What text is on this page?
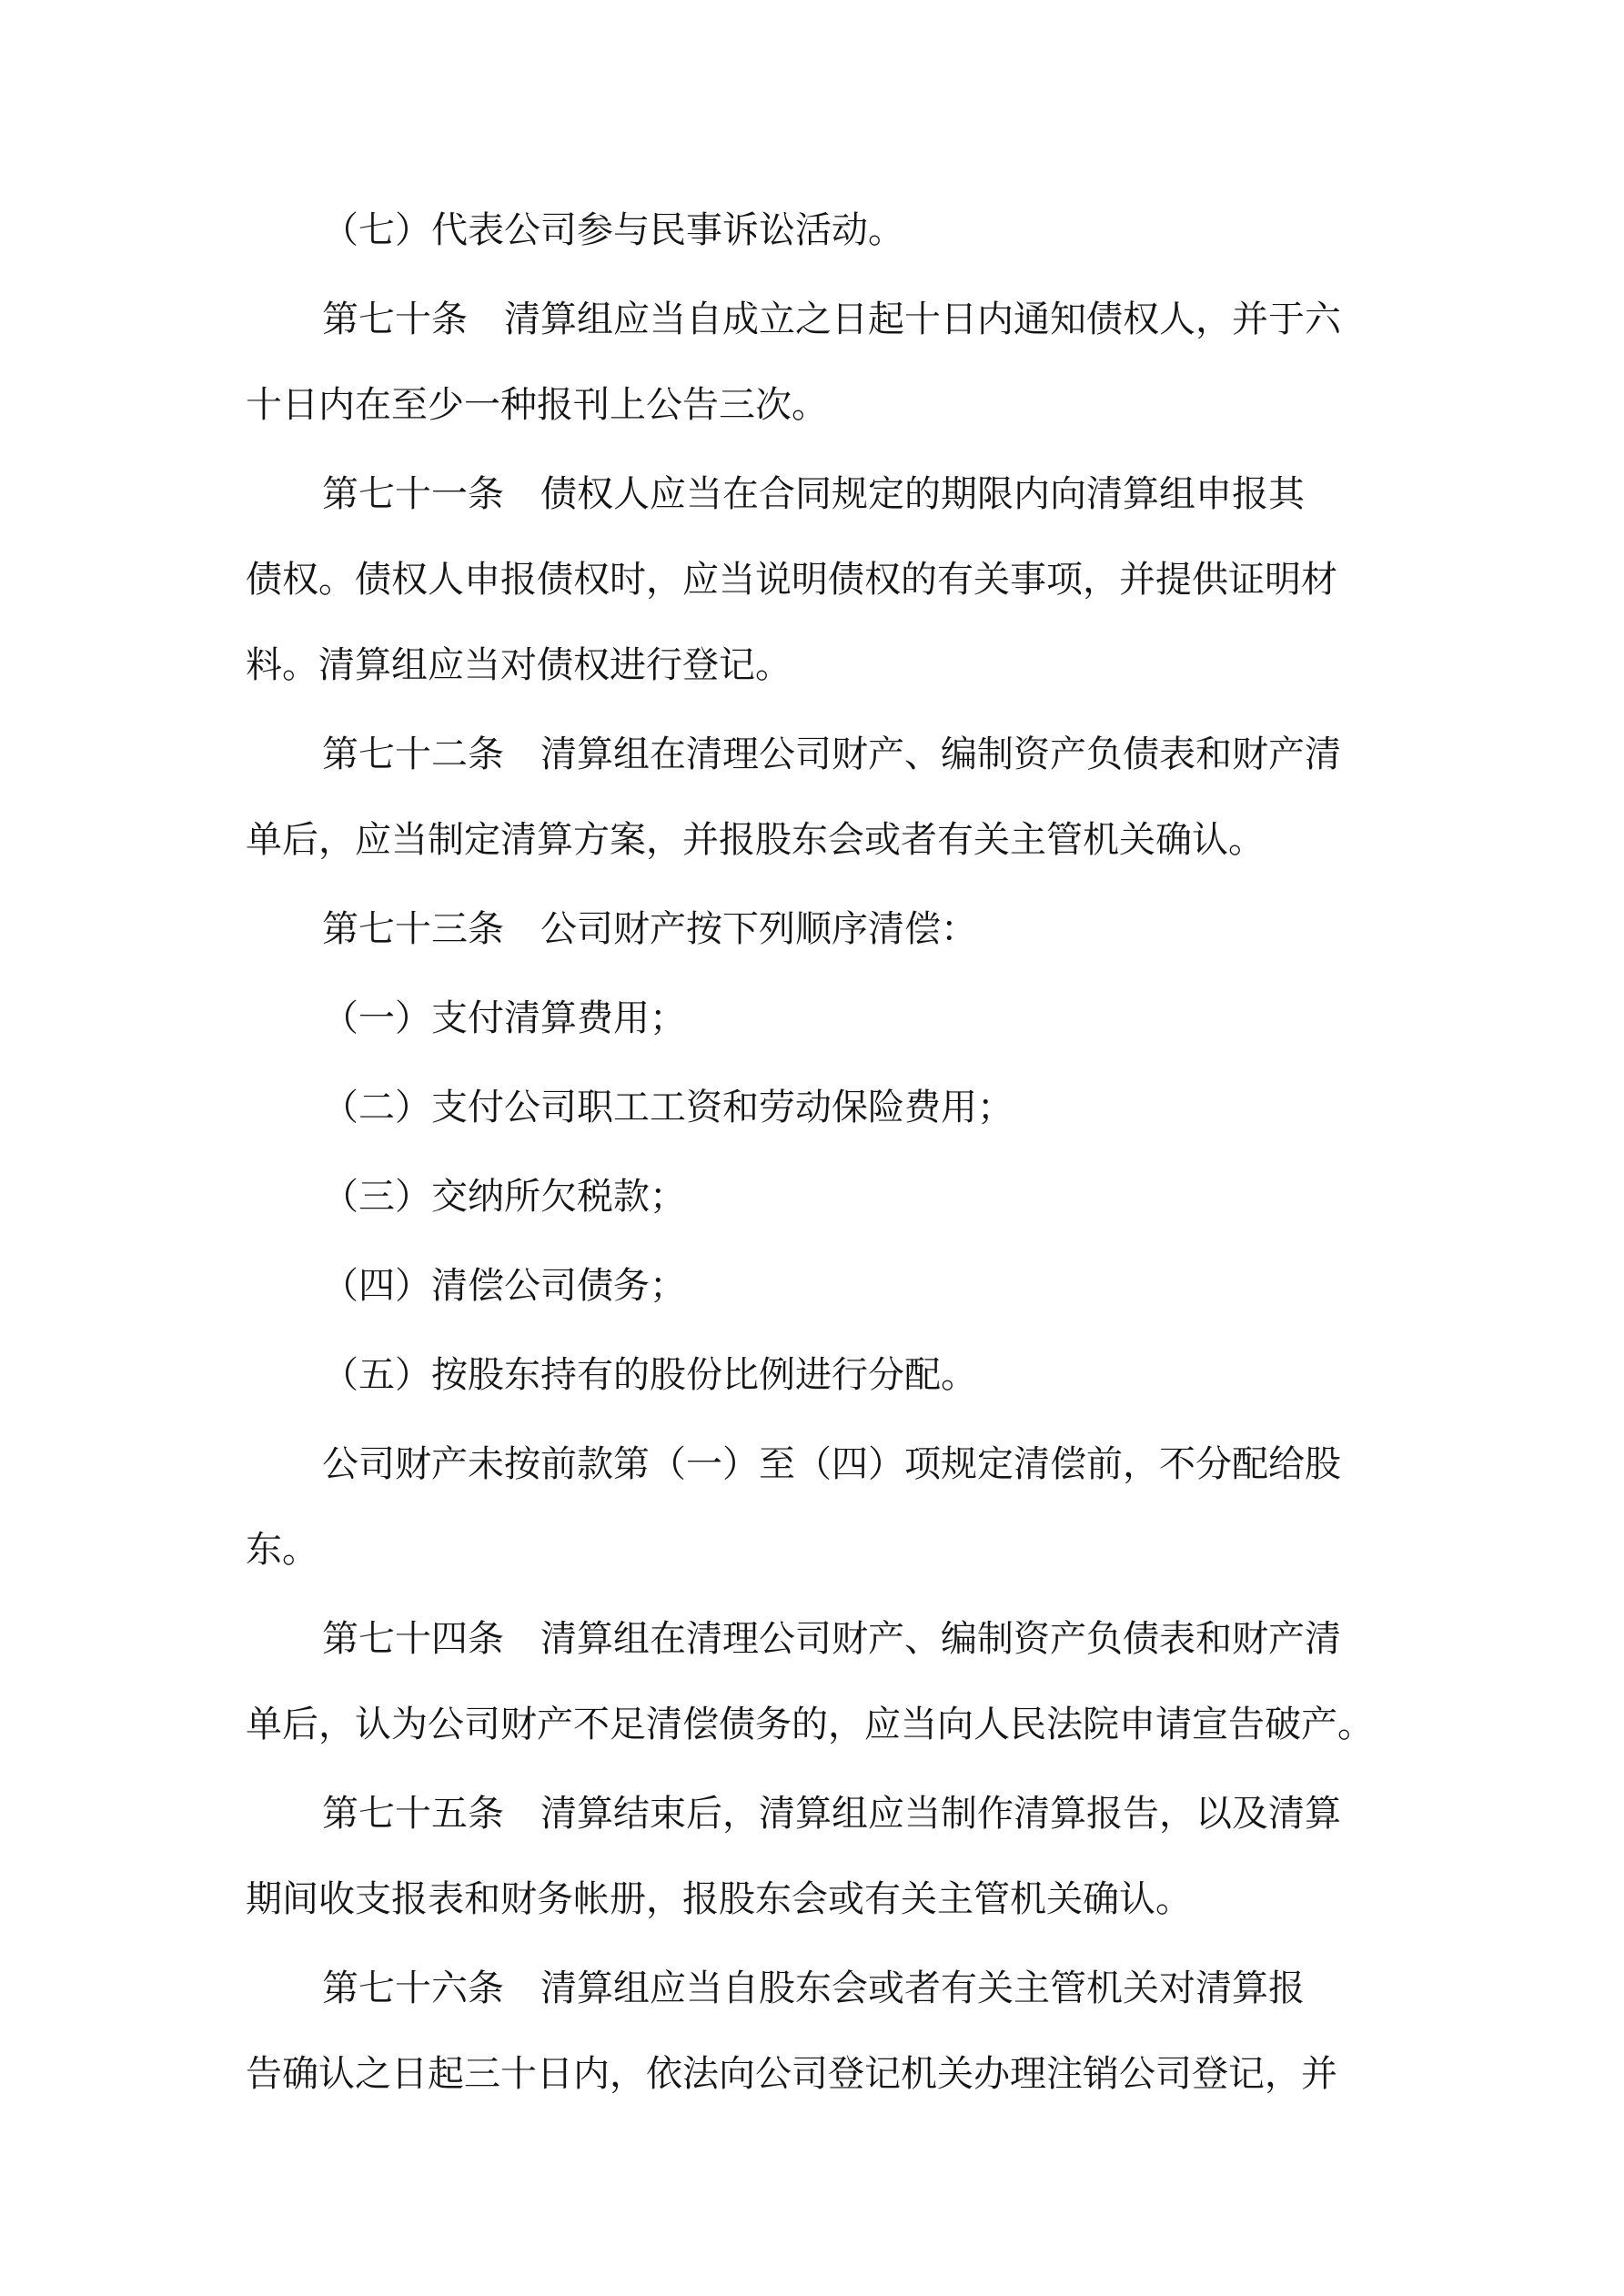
（七）代表公司参与民事诉讼活动。

第七十条　清算组应当自成立之日起十日内通知债权人，并于六

十日内在至少一种报刊上公告三次。

第七十一条　债权人应当在合同规定的期限内向清算组申报其

债权。债权人申报债权时，应当说明债权的有关事项，并提供证明材

料。清算组应当对债权进行登记。

第七十二条　清算组在清理公司财产、编制资产负债表和财产清

单后，应当制定清算方案，并报股东会或者有关主管机关确认。

第七十三条　公司财产按下列顺序清偿：

（一）支付清算费用；

（二）支付公司职工工资和劳动保险费用；

（三）交纳所欠税款；

（四）清偿公司债务；

（五）按股东持有的股份比例进行分配。

公司财产未按前款第（一）至（四）项规定清偿前，不分配给股

东。

第七十四条　清算组在清理公司财产、编制资产负债表和财产清

单后，认为公司财产不足清偿债务的，应当向人民法院申请宣告破产。

第七十五条　清算结束后，清算组应当制作清算报告，以及清算

期间收支报表和财务帐册，报股东会或有关主管机关确认。

第七十六条　清算组应当自股东会或者有关主管机关对清算报

告确认之日起三十日内，依法向公司登记机关办理注销公司登记，并
